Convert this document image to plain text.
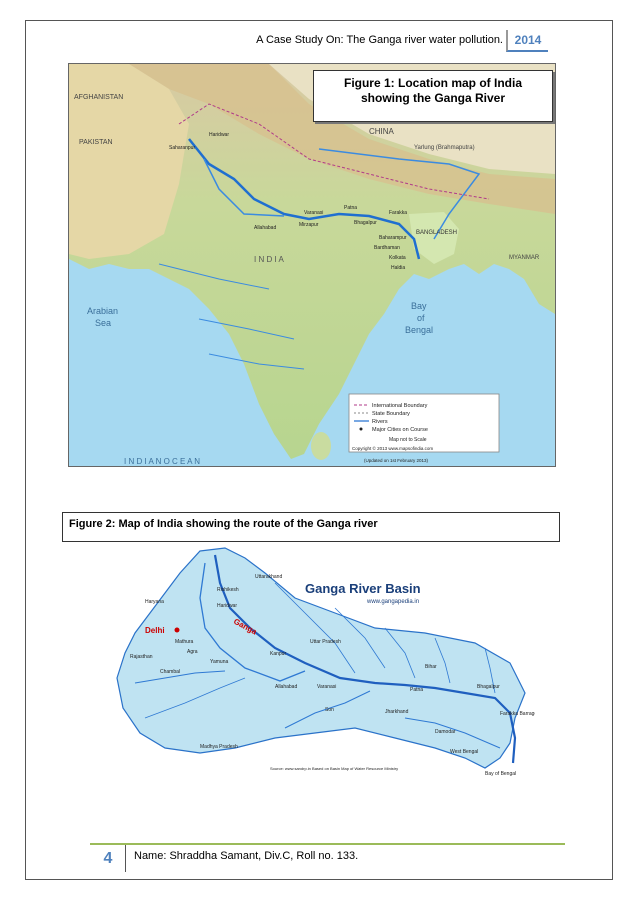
A Case Study On: The Ganga river water pollution. 2014
AFGHANISTAN
PAKISTAN
CHINA
Yarlung (Brahmaputra)
I N D I A
BANGLADESH
MYANMAR
Arabian
Sea
Bay
of
Bengal
I N D I A N O C E A N
Saharanpur
Haridwar
Allahabad
Varanasi
Mirzapur
Patna
Bhagalpur
Farakka
Baharampur
Bardhaman
Kolkata
Haldia
International Boundary
State Boundary
Rivers
Major Cities on Course
Map not to Scale
Copyright © 2013 www.mapsofindia.com
(Updated on 1st February 2013)
Figure 1: Location map of India
showing the Ganga River
Figure 2: Map of India showing the route of the Ganga river
Ganga River Basin
www.gangapedia.in
Delhi	Ganga
Rishikesh
Haridwar
Uttarakhand
Haryana
Rajasthan
Mathura
Agra
Yamuna
Kanpur
Uttar Pradesh
Allahabad	Varanasi	Patna
Bihar
Bhagalpur
Farakka Barrage
Jharkhand
Madhya Pradesh
West Bengal
Chambal
Son
Damodar
Bay of Bengal
Source: www.sandrp.in Based on Basin Map of Water Resource Ministry
4	Name: Shraddha Samant, Div.C, Roll no. 133.
